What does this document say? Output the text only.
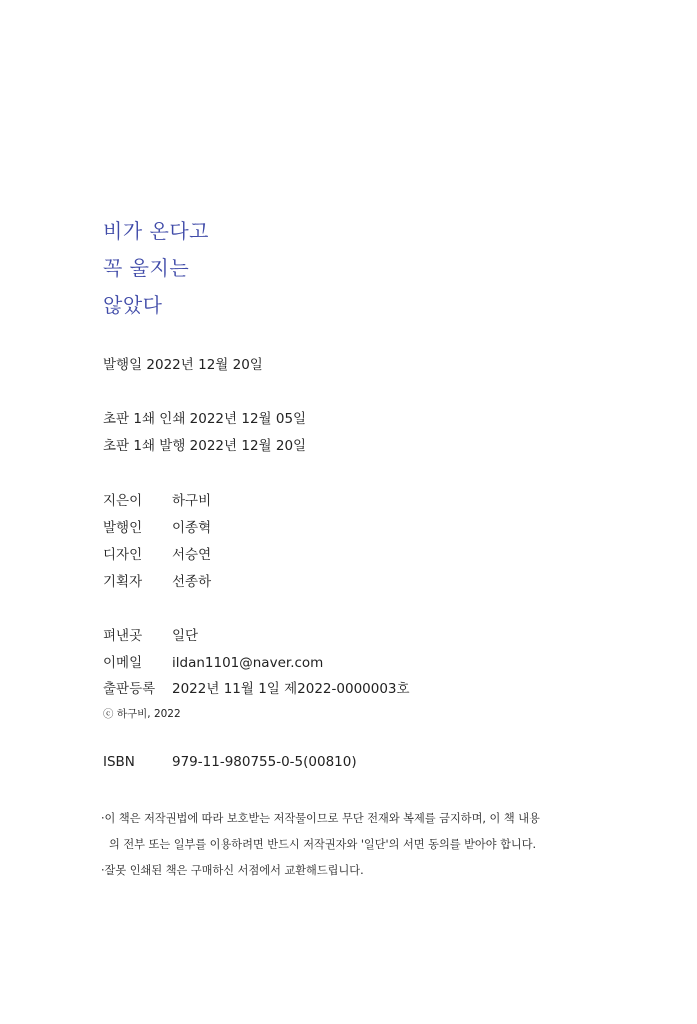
비가 온다고
꼭 울지는
않았다
발행일 2022년 12월 20일
초판 1쇄 인쇄 2022년 12월 05일
초판 1쇄 발행 2022년 12월 20일
지은이 하구비
발행인 이종혁
디자인 서승연
기획자 선종하
펴낸곳 일단
이메일 ildan1101@naver.com
출판등록 2022년 11월 1일 제2022-0000003호
ⓒ 하구비, 2022
ISBN	979-11-980755-0-5(00810)
·이 책은 저작권법에 따라 보호받는 저작물이므로 무단 전재와 복제를 금지하며, 이 책 내용
의 전부 또는 일부를 이용하려면 반드시 저작권자와 '일단'의 서면 동의를 받아야 합니다.
·잘못 인쇄된 책은 구매하신 서점에서 교환해드립니다.
